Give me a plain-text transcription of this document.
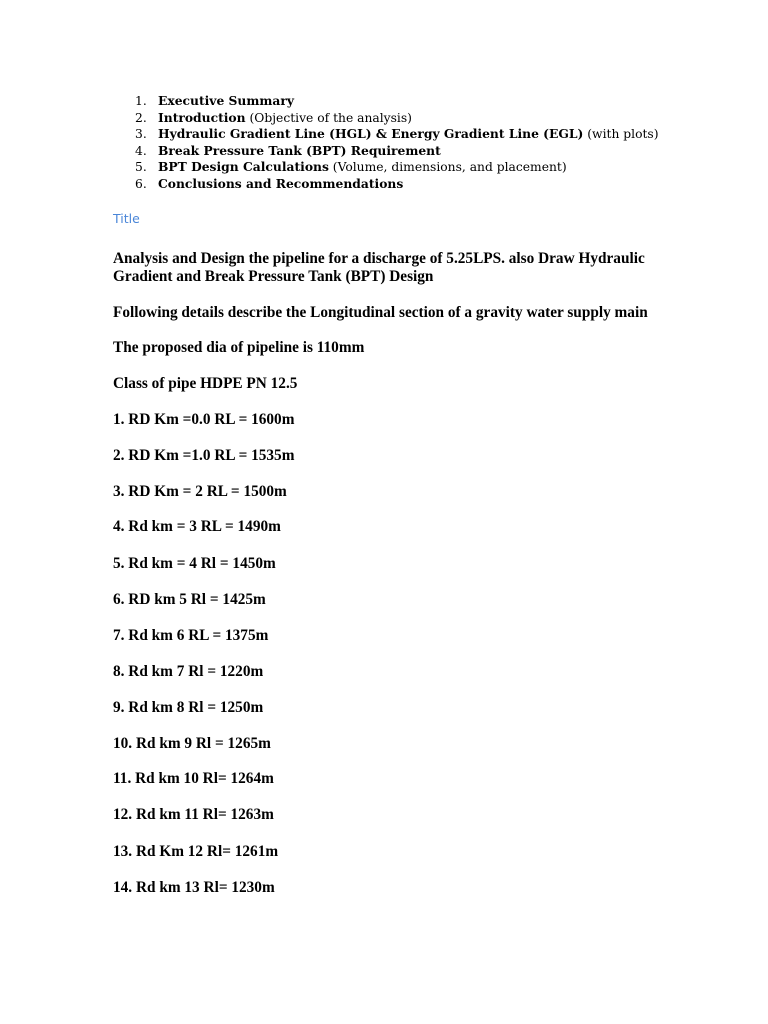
1. Executive Summary
2. Introduction (Objective of the analysis)
3. Hydraulic Gradient Line (HGL) & Energy Gradient Line (EGL) (with plots)
4. Break Pressure Tank (BPT) Requirement
5. BPT Design Calculations (Volume, dimensions, and placement)
6. Conclusions and Recommendations
Title
Analysis and Design the pipeline for a discharge of 5.25LPS. also Draw Hydraulic Gradient and Break Pressure Tank (BPT) Design
Following details describe the Longitudinal section of a gravity water supply main
The proposed dia of pipeline is 110mm
Class of pipe HDPE PN 12.5
1. RD Km =0.0 RL = 1600m
2. RD Km =1.0 RL = 1535m
3. RD Km = 2 RL = 1500m
4. Rd km = 3 RL = 1490m
5. Rd km = 4 Rl = 1450m
6. RD km 5 Rl = 1425m
7. Rd km 6 RL = 1375m
8. Rd km 7 Rl = 1220m
9. Rd km 8 Rl = 1250m
10. Rd km 9 Rl = 1265m
11. Rd km 10 Rl= 1264m
12. Rd km 11 Rl= 1263m
13. Rd Km 12 Rl= 1261m
14. Rd km 13 Rl= 1230m
